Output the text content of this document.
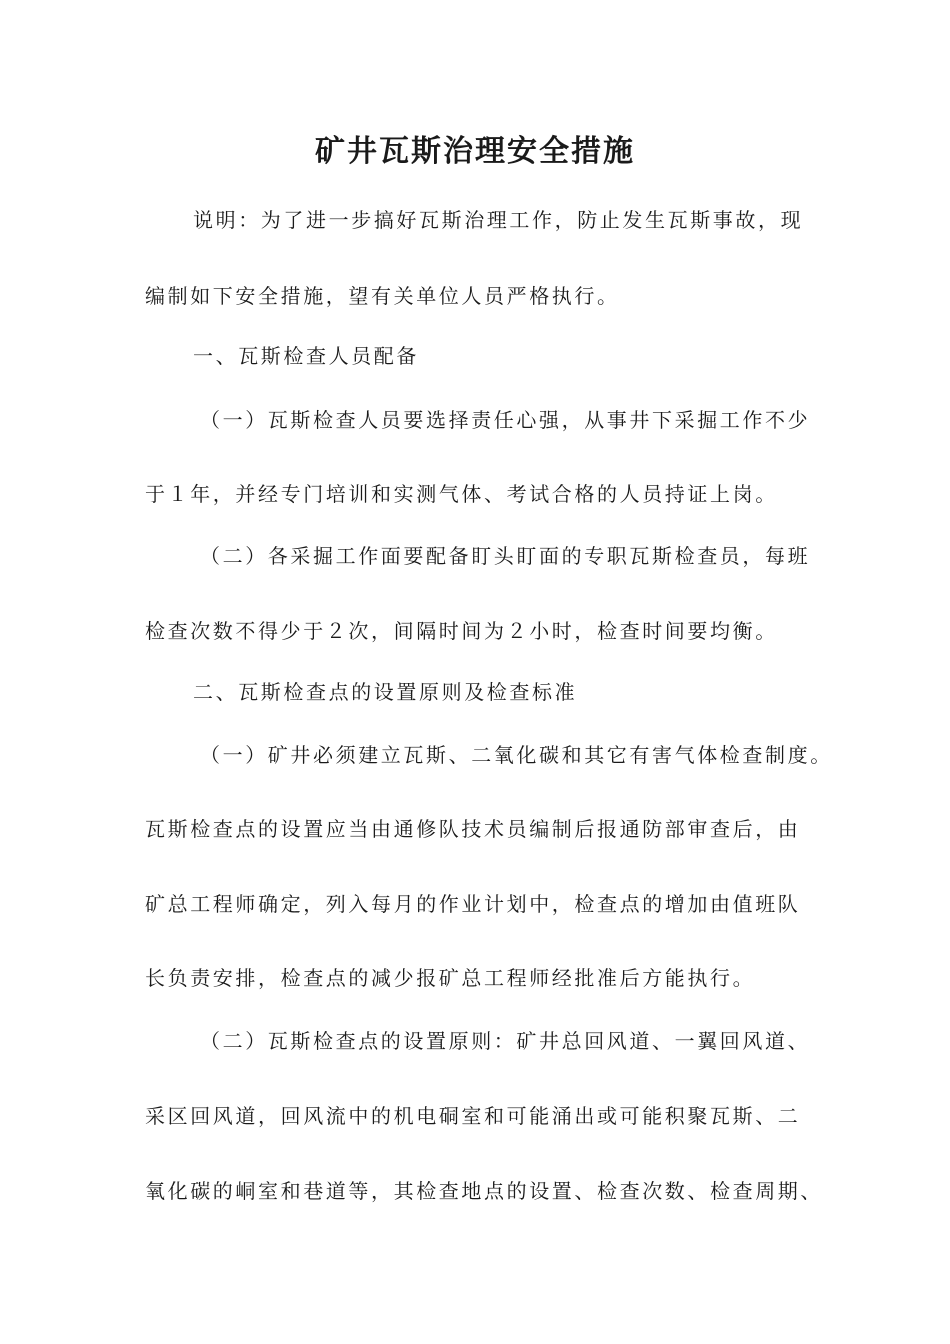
矿井瓦斯治理安全措施

说明：为了进一步搞好瓦斯治理工作，防止发生瓦斯事故，现

编制如下安全措施，望有关单位人员严格执行。

一、瓦斯检查人员配备

（一）瓦斯检查人员要选择责任心强，从事井下采掘工作不少

于１年，并经专门培训和实测气体、考试合格的人员持证上岗。

（二）各采掘工作面要配备盯头盯面的专职瓦斯检查员，每班

检查次数不得少于２次，间隔时间为２小时，检查时间要均衡。

二、瓦斯检查点的设置原则及检查标准

（一）矿井必须建立瓦斯、二氧化碳和其它有害气体检查制度。

瓦斯检查点的设置应当由通修队技术员编制后报通防部审查后，由

矿总工程师确定，列入每月的作业计划中，检查点的增加由值班队

长负责安排，检查点的减少报矿总工程师经批准后方能执行。

（二）瓦斯检查点的设置原则：矿井总回风道、一翼回风道、

采区回风道，回风流中的机电硐室和可能涌出或可能积聚瓦斯、二

氧化碳的峒室和巷道等，其检查地点的设置、检查次数、检查周期、
